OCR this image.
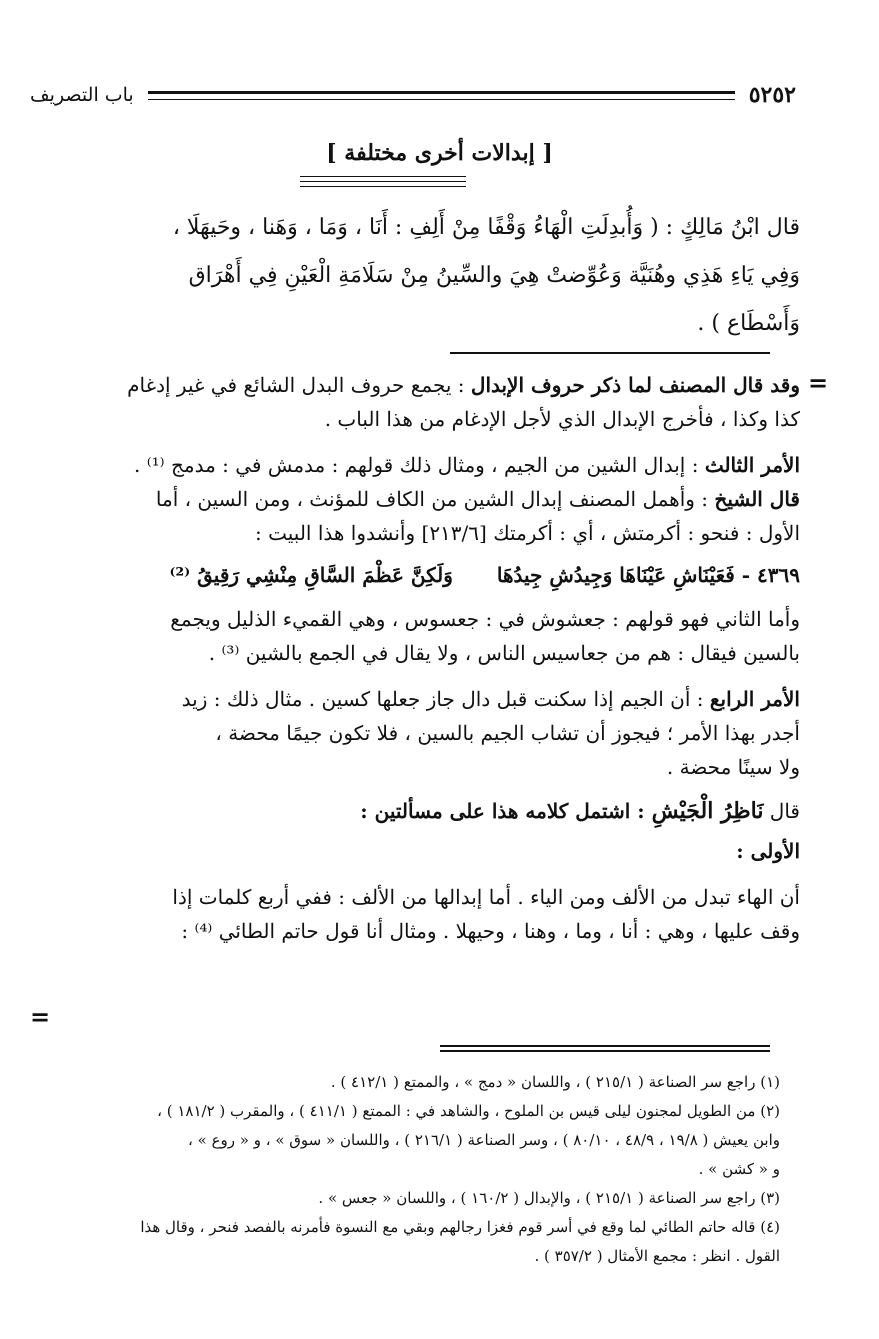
٥٢٥٢
باب التصريف
[ إبدالات أخرى مختلفة ]
قال ابْنُ مَالِكٍ : ( وَأُبدِلَتِ الْهَاءُ وَقْفًا مِنْ أَلِفِ : أَنَا ، وَمَا ، وَهَنا ، وحَيهَلَا ،
وَفِي يَاءِ هَذِي وهُنَيَّة وَعُوِّضتْ هِيَ والسِّينُ مِنْ سَلَامَةِ الْعَيْنِ فِي أَهْرَاق
وَأَسْطَاع ) .
=
وقد قال المصنف لما ذكر حروف الإبدال : يجمع حروف البدل الشائع في غير إدغام
كذا وكذا ، فأخرج الإبدال الذي لأجل الإدغام من هذا الباب .
الأمر الثالث : إبدال الشين من الجيم ، ومثال ذلك قولهم : مدمش في : مدمج ⁽¹⁾ .
قال الشيخ : وأهمل المصنف إبدال الشين من الكاف للمؤنث ، ومن السين ، أما
الأول : فنحو : أكرمتش ، أي : أكرمتك [٢١٣/٦] وأنشدوا هذا البيت :
٤٣٦٩ - فَعَيْنَاشِ عَيْنَاهَا وَجِيدُشِ جِيدُهَا  وَلَكِنَّ عَظْمَ السَّاقِ مِنْشِي رَقِيقُ ⁽²⁾
وأما الثاني فهو قولهم : جعشوش في : جعسوس ، وهي القميء الذليل ويجمع
بالسين فيقال : هم من جعاسيس الناس ، ولا يقال في الجمع بالشين ⁽³⁾ .
الأمر الرابع : أن الجيم إذا سكنت قبل دال جاز جعلها كسين . مثال ذلك : زيد
أجدر بهذا الأمر ؛ فيجوز أن تشاب الجيم بالسين ، فلا تكون جيمًا محضة ،
ولا سينًا محضة .
قال نَاظِرُ الْجَيْشِ : اشتمل كلامه هذا على مسألتين :
الأولى :
أن الهاء تبدل من الألف ومن الياء . أما إبدالها من الألف : ففي أربع كلمات إذا
وقف عليها ، وهي : أنا ، وما ، وهنا ، وحيهلا . ومثال أنا قول حاتم الطائي ⁽⁴⁾ :
=
(١) راجع سر الصناعة ( ٢١٥/١ ) ، واللسان « دمج » ، والممتع ( ٤١٢/١ ) .
(٢) من الطويل لمجنون ليلى قيس بن الملوح ، والشاهد في : الممتع ( ٤١١/١ ) ، والمقرب ( ١٨١/٢ ) ،
وابن يعيش ( ١٩/٨ ، ٤٨/٩ ، ٨٠/١٠ ) ، وسر الصناعة ( ٢١٦/١ ) ، واللسان « سوق » ، و « روع » ،
و « كشن » .
(٣) راجع سر الصناعة ( ٢١٥/١ ) ، والإبدال ( ١٦٠/٢ ) ، واللسان « جعس » .
(٤) قاله حاتم الطائي لما وقع في أسر قوم فغزا رجالهم وبقي مع النسوة فأمرنه بالفصد فنحر ، وقال هذا
القول . انظر : مجمع الأمثال ( ٣٥٧/٢ ) .
